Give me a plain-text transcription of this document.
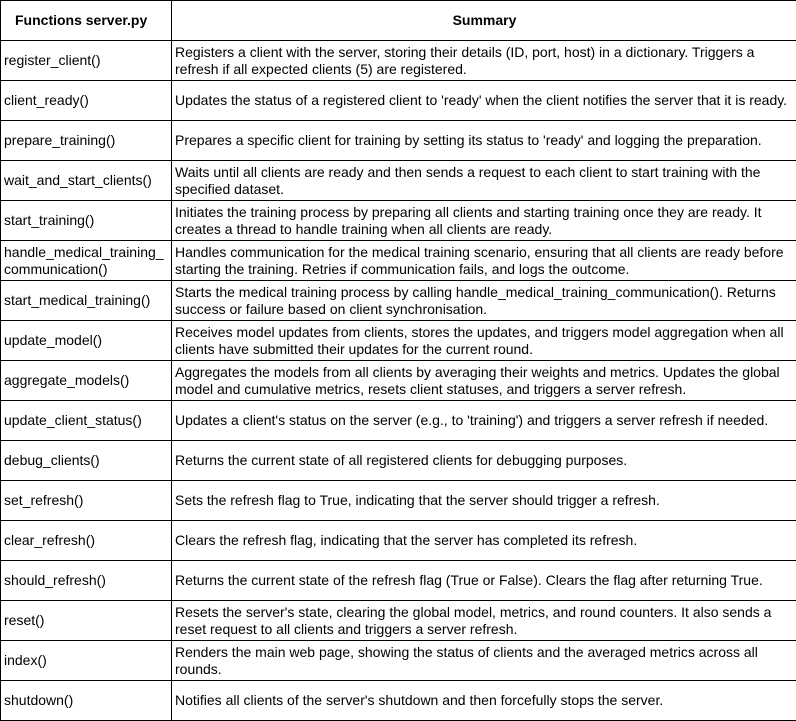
Functions server.py	Summary
register_client()	Registers a client with the server, storing their details (ID, port, host) in a dictionary. Triggers a refresh if all expected clients (5) are registered.
client_ready()	Updates the status of a registered client to 'ready' when the client notifies the server that it is ready.
prepare_training()	Prepares a specific client for training by setting its status to 'ready' and logging the preparation.
wait_and_start_clients()	Waits until all clients are ready and then sends a request to each client to start training with the specified dataset.
start_training()	Initiates the training process by preparing all clients and starting training once they are ready. It creates a thread to handle training when all clients are ready.
handle_medical_training_communication()	Handles communication for the medical training scenario, ensuring that all clients are ready before starting the training. Retries if communication fails, and logs the outcome.
start_medical_training()	Starts the medical training process by calling handle_medical_training_communication(). Returns success or failure based on client synchronisation.
update_model()	Receives model updates from clients, stores the updates, and triggers model aggregation when all clients have submitted their updates for the current round.
aggregate_models()	Aggregates the models from all clients by averaging their weights and metrics. Updates the global model and cumulative metrics, resets client statuses, and triggers a server refresh.
update_client_status()	Updates a client's status on the server (e.g., to 'training') and triggers a server refresh if needed.
debug_clients()	Returns the current state of all registered clients for debugging purposes.
set_refresh()	Sets the refresh flag to True, indicating that the server should trigger a refresh.
clear_refresh()	Clears the refresh flag, indicating that the server has completed its refresh.
should_refresh()	Returns the current state of the refresh flag (True or False). Clears the flag after returning True.
reset()	Resets the server's state, clearing the global model, metrics, and round counters. It also sends a reset request to all clients and triggers a server refresh.
index()	Renders the main web page, showing the status of clients and the averaged metrics across all rounds.
shutdown()	Notifies all clients of the server's shutdown and then forcefully stops the server.
